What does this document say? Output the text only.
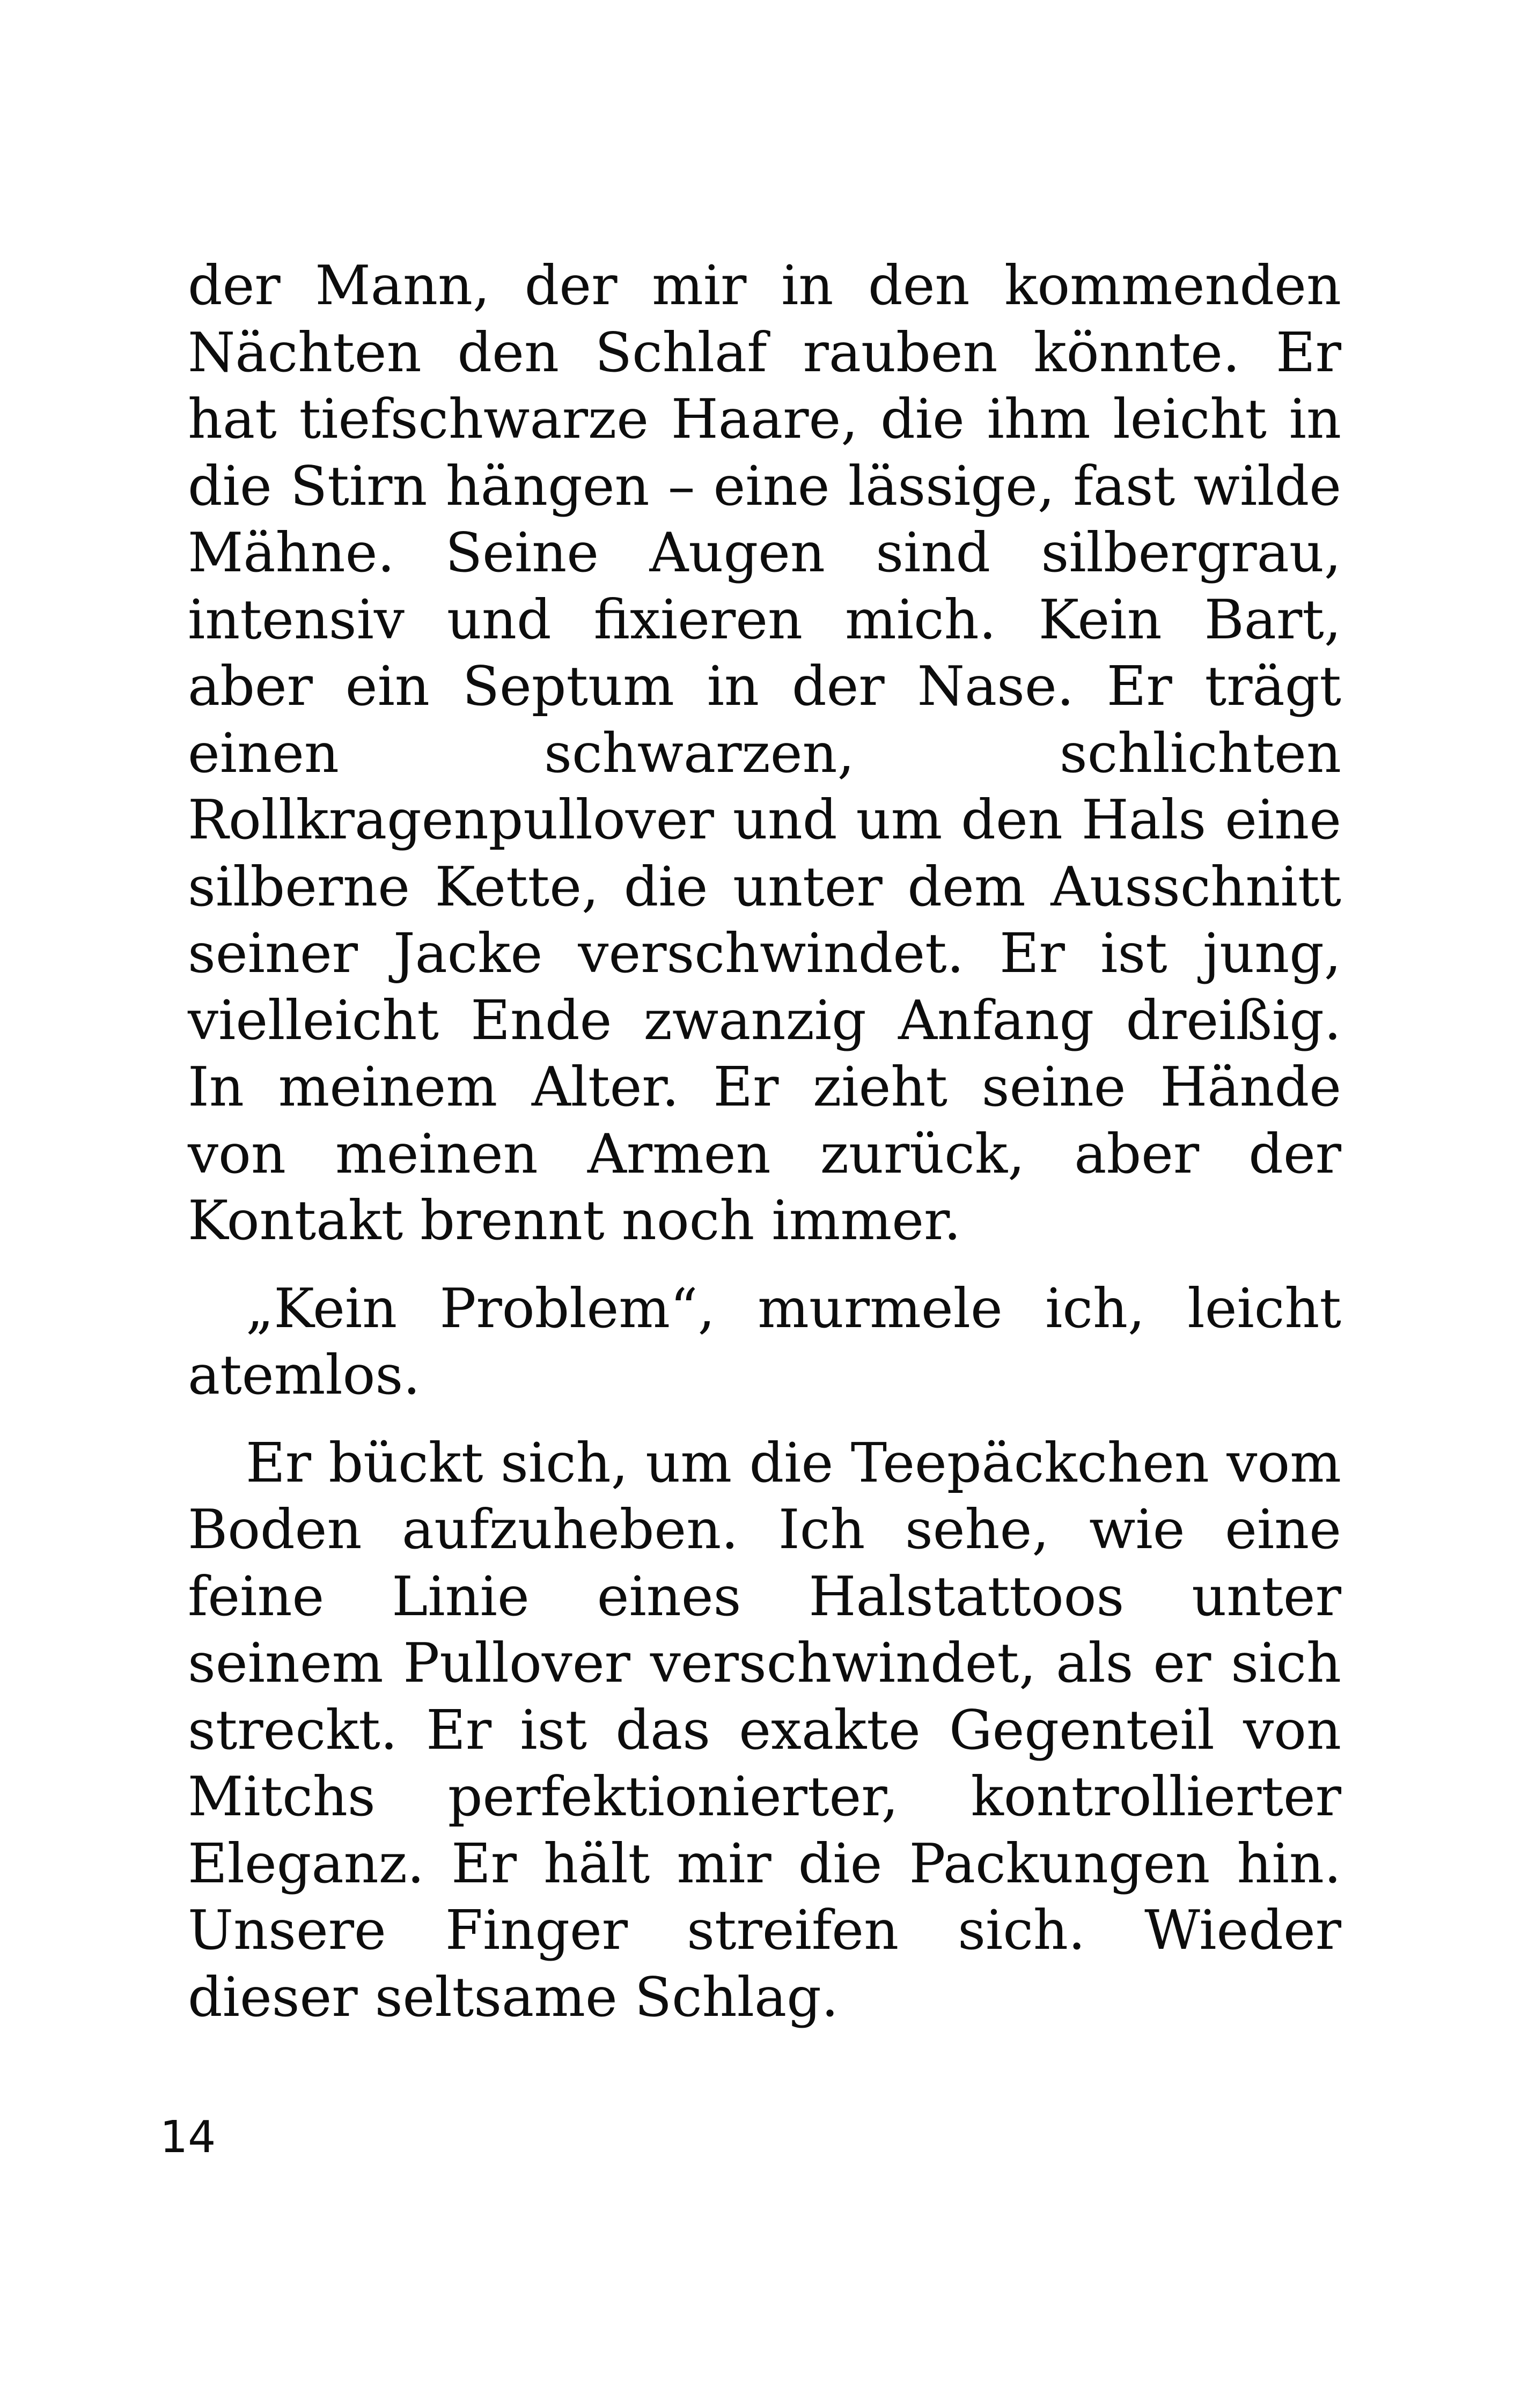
der Mann, der mir in den kommenden Nächten den Schlaf rauben könnte. Er hat tiefschwarze Haare, die ihm leicht in die Stirn hängen – eine lässige, fast wilde Mähne. Seine Augen sind silbergrau, intensiv und fixieren mich. Kein Bart, aber ein Septum in der Nase. Er trägt einen schwarzen, schlichten Rollkragenpullover und um den Hals eine silberne Kette, die unter dem Ausschnitt seiner Jacke verschwindet. Er ist jung, vielleicht Ende zwanzig Anfang dreißig. In meinem Alter. Er zieht seine Hände von meinen Armen zurück, aber der Kontakt brennt noch immer.

„Kein Problem“, murmele ich, leicht atemlos.

Er bückt sich, um die Teepäckchen vom Boden aufzuheben. Ich sehe, wie eine feine Linie eines Halstattoos unter seinem Pullover verschwindet, als er sich streckt. Er ist das exakte Gegenteil von Mitchs perfektionierter, kontrollierter Eleganz. Er hält mir die Packungen hin. Unsere Finger streifen sich. Wieder dieser seltsame Schlag.

14
